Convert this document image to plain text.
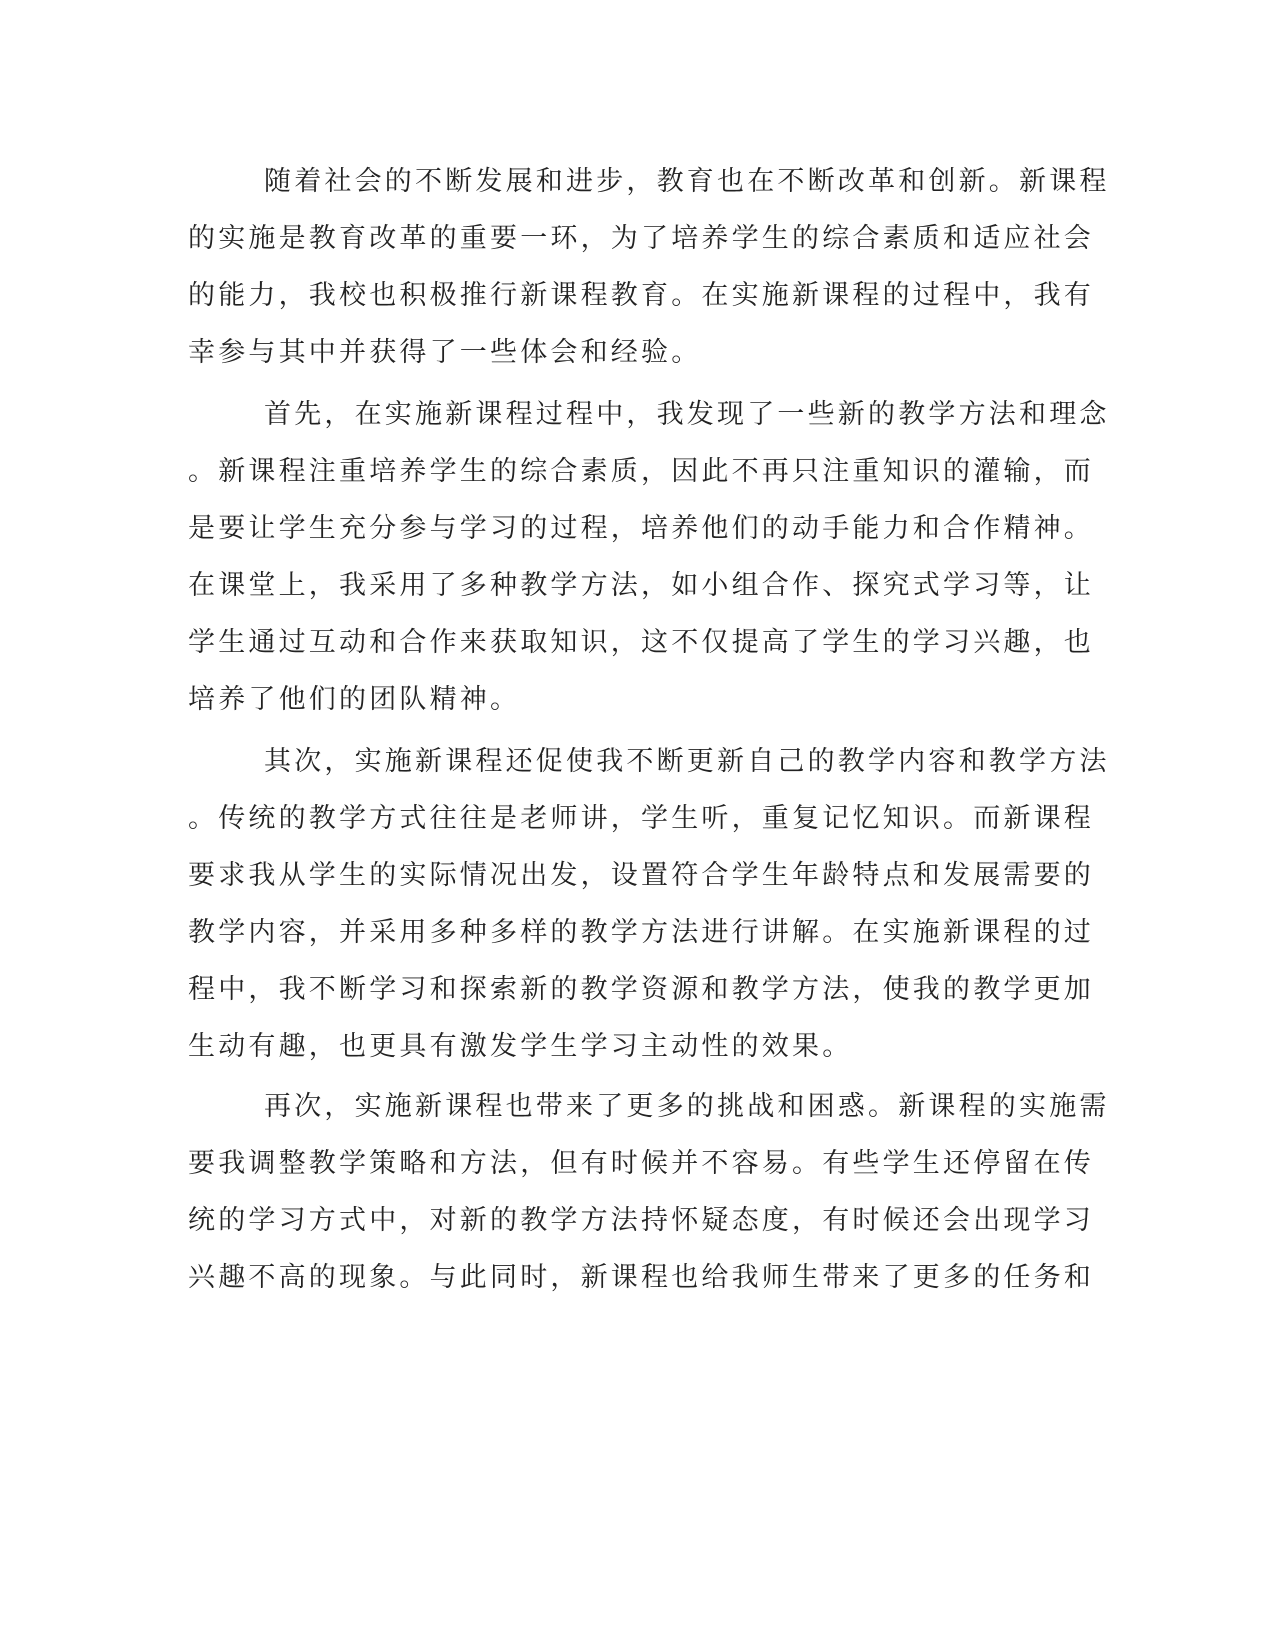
随着社会的不断发展和进步，教育也在不断改革和创新。新课程
的实施是教育改革的重要一环，为了培养学生的综合素质和适应社会
的能力，我校也积极推行新课程教育。在实施新课程的过程中，我有
幸参与其中并获得了一些体会和经验。
首先，在实施新课程过程中，我发现了一些新的教学方法和理念
。新课程注重培养学生的综合素质，因此不再只注重知识的灌输，而
是要让学生充分参与学习的过程，培养他们的动手能力和合作精神。
在课堂上，我采用了多种教学方法，如小组合作、探究式学习等，让
学生通过互动和合作来获取知识，这不仅提高了学生的学习兴趣，也
培养了他们的团队精神。
其次，实施新课程还促使我不断更新自己的教学内容和教学方法
。传统的教学方式往往是老师讲，学生听，重复记忆知识。而新课程
要求我从学生的实际情况出发，设置符合学生年龄特点和发展需要的
教学内容，并采用多种多样的教学方法进行讲解。在实施新课程的过
程中，我不断学习和探索新的教学资源和教学方法，使我的教学更加
生动有趣，也更具有激发学生学习主动性的效果。
再次，实施新课程也带来了更多的挑战和困惑。新课程的实施需
要我调整教学策略和方法，但有时候并不容易。有些学生还停留在传
统的学习方式中，对新的教学方法持怀疑态度，有时候还会出现学习
兴趣不高的现象。与此同时，新课程也给我师生带来了更多的任务和
